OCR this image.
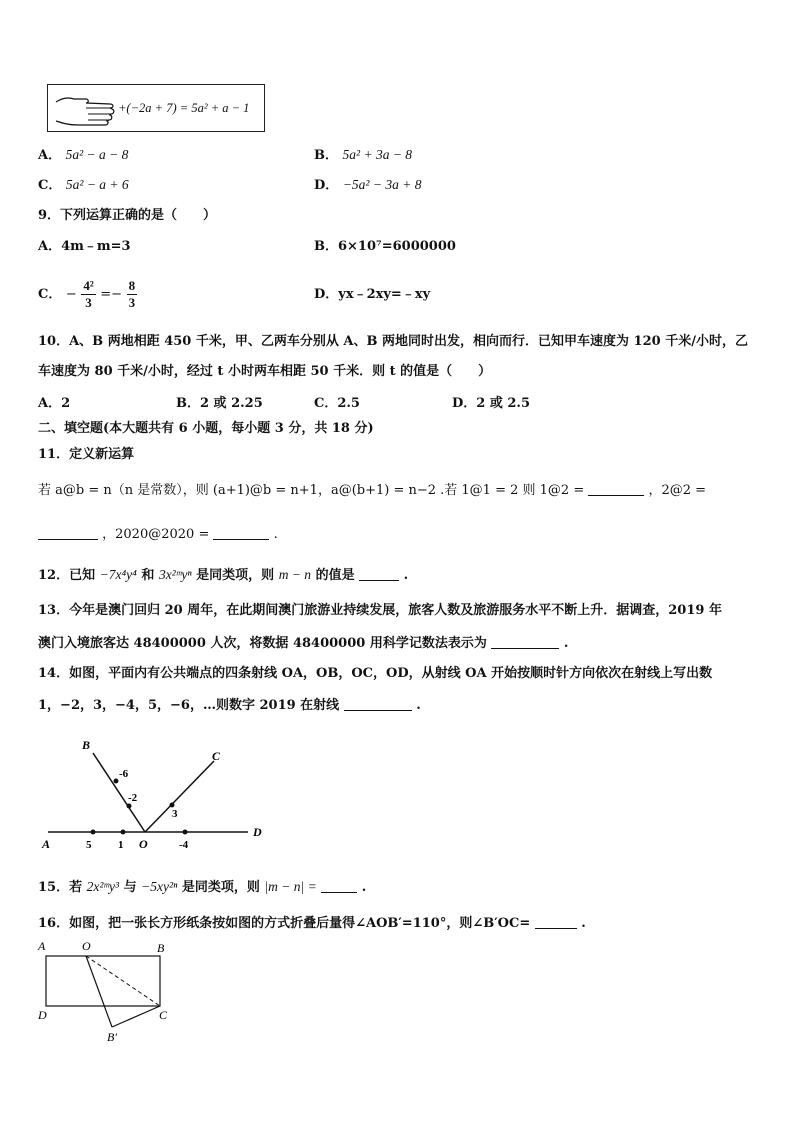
+(−2a + 7) = 5a² + a − 1
A． 5a² − a − 8	B． 5a² + 3a − 8
C． 5a² − a + 6	D． −5a² − 3a + 8
9．下列运算正确的是（　　）
A．4m﹣m=3	B．6×10⁷=6000000
C． − $\frac{\text{4²}}{3} =- \frac{8}{3}$	D．yx﹣2xy=﹣xy
10．A、B 两地相距 450 千米，甲、乙两车分别从 A、B 两地同时出发，相向而行．已知甲车速度为 120 千米/小时，乙
车速度为 80 千米/小时，经过 t 小时两车相距 50 千米．则 t 的值是（　　）
A．2	B．2 或 2.25	C．2.5	D．2 或 2.5
二、填空题(本大题共有 6 小题，每小题 3 分，共 18 分)
11．定义新运算
若 a@b = n（n 是常数），则 (a+1)@b = n+1，a@(b+1) = n−2 .若 1@1 = 2 则 1@2 =	，2@2 =
，2020@2020 =	.
12．已知 −7x⁴y⁴ 和 3x²ᵐyⁿ 是同类项，则 m − n 的值是	.
13．今年是澳门回归 20 周年，在此期间澳门旅游业持续发展，旅客人数及旅游服务水平不断上升．据调查，2019 年
澳门入境旅客达 48400000 人次，将数据 48400000 用科学记数法表示为	.
14．如图，平面内有公共端点的四条射线 OA，OB，OC，OD，从射线 OA 开始按顺时针方向依次在射线上写出数
1，−2，3，−4，5，−6，…则数字 2019 在射线	.
A
B
C
D
O
5 1	-4
-6
-2
3
15．若 2x²ᵐy³ 与 −5xy²ⁿ 是同类项，则 |m − n| =	.
16．如图，把一张长方形纸条按如图的方式折叠后量得∠AOB′=110°，则∠B′OC=	.
A	O	B
D	C
B′
